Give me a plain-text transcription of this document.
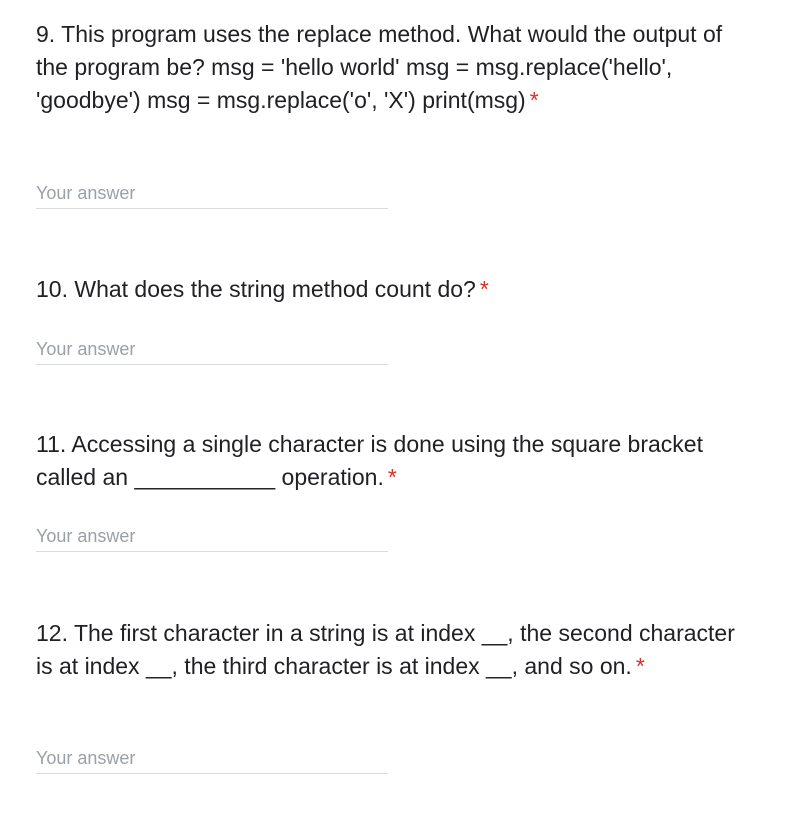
9. This program uses the replace method. What would the output of the program be? msg = 'hello world' msg = msg.replace('hello', 'goodbye') msg = msg.replace('o', 'X') print(msg) *

Your answer

10. What does the string method count do? *

Your answer

11. Accessing a single character is done using the square bracket called an ___________ operation. *

Your answer

12. The first character in a string is at index __, the second character is at index __, the third character is at index __, and so on. *

Your answer
